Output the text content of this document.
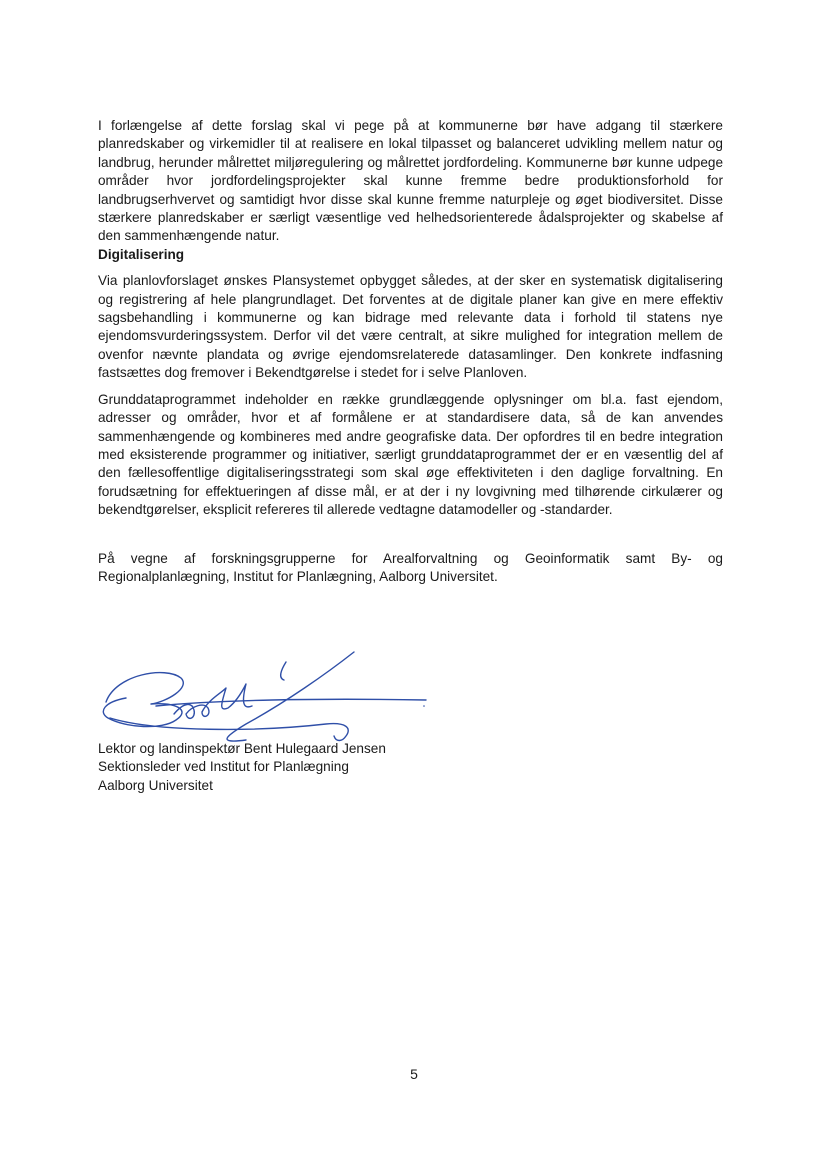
I forlængelse af dette forslag skal vi pege på at kommunerne bør have adgang til stærkere planredskaber og virkemidler til at realisere en lokal tilpasset og balanceret udvikling mellem natur og landbrug, herunder målrettet miljøregulering og målrettet jordfordeling. Kommunerne bør kunne udpege områder hvor jordfordelingsprojekter skal kunne fremme bedre produktionsforhold for landbrugserhvervet og samtidigt hvor disse skal kunne fremme naturpleje og øget biodiversitet. Disse stærkere planredskaber er særligt væsentlige ved helhedsorienterede ådalsprojekter og skabelse af den sammenhængende natur.

Digitalisering

Via planlovforslaget ønskes Plansystemet opbygget således, at der sker en systematisk digitalisering og registrering af hele plangrundlaget. Det forventes at de digitale planer kan give en mere effektiv sagsbehandling i kommunerne og kan bidrage med relevante data i forhold til statens nye ejendomsvurderingssystem. Derfor vil det være centralt, at sikre mulighed for integration mellem de ovenfor nævnte plandata og øvrige ejendomsrelaterede datasamlinger. Den konkrete indfasning fastsættes dog fremover i Bekendtgørelse i stedet for i selve Planloven.

Grunddataprogrammet indeholder en række grundlæggende oplysninger om bl.a. fast ejendom, adresser og områder, hvor et af formålene er at standardisere data, så de kan anvendes sammenhængende og kombineres med andre geografiske data. Der opfordres til en bedre integration med eksisterende programmer og initiativer, særligt grunddataprogrammet der er en væsentlig del af den fællesoffentlige digitaliseringsstrategi som skal øge effektiviteten i den daglige forvaltning. En forudsætning for effektueringen af disse mål, er at der i ny lovgivning med tilhørende cirkulærer og bekendtgørelser, eksplicit refereres til allerede vedtagne datamodeller og -standarder.

På vegne af forskningsgrupperne for Arealforvaltning og Geoinformatik samt By- og Regionalplanlægning, Institut for Planlægning, Aalborg Universitet.

Lektor og landinspektør Bent Hulegaard Jensen
Sektionsleder ved Institut for Planlægning
Aalborg Universitet
5
